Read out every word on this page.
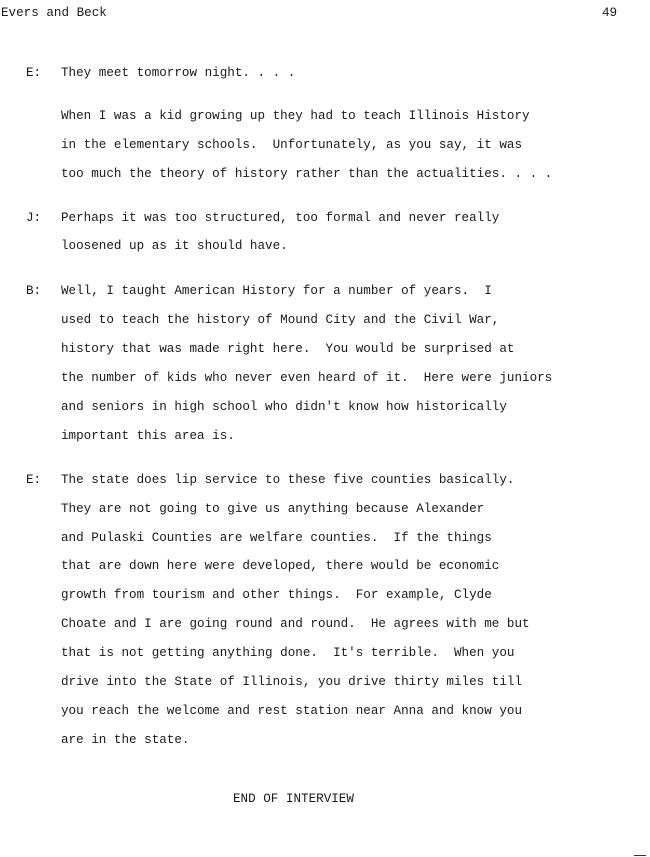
Evers and Beck	49
E: They meet tomorrow night. . . .
When I was a kid growing up they had to teach Illinois History
in the elementary schools.  Unfortunately, as you say, it was
too much the theory of history rather than the actualities. . . .
J: Perhaps it was too structured, too formal and never really
loosened up as it should have.
B: Well, I taught American History for a number of years.  I
used to teach the history of Mound City and the Civil War,
history that was made right here.  You would be surprised at
the number of kids who never even heard of it.  Here were juniors
and seniors in high school who didn't know how historically
important this area is.
E: The state does lip service to these five counties basically.
They are not going to give us anything because Alexander
and Pulaski Counties are welfare counties.  If the things
that are down here were developed, there would be economic
growth from tourism and other things.  For example, Clyde
Choate and I are going round and round.  He agrees with me but
that is not getting anything done.  It's terrible.  When you
drive into the State of Illinois, you drive thirty miles till
you reach the welcome and rest station near Anna and know you
are in the state.
END OF INTERVIEW
